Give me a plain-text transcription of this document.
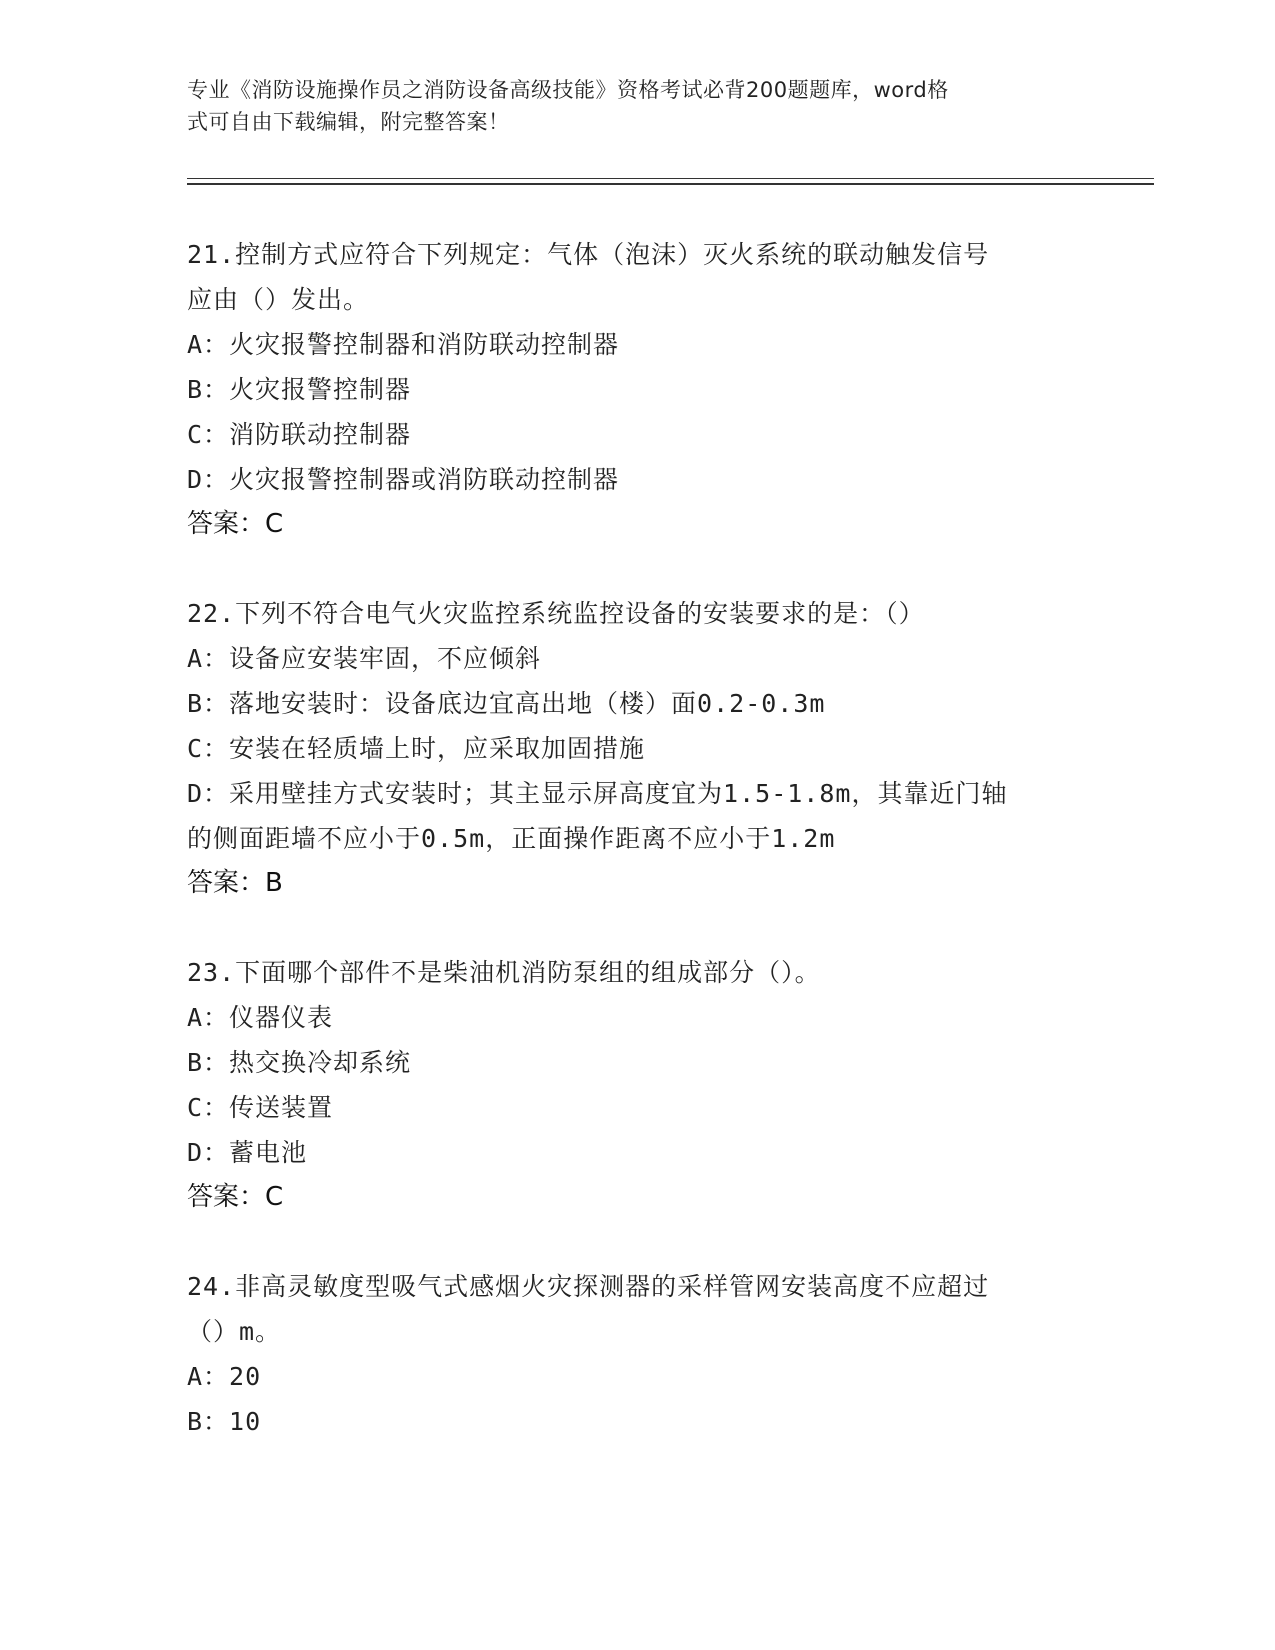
专业《消防设施操作员之消防设备高级技能》资格考试必背200题题库，word格
式可自由下载编辑，附完整答案！

21.控制方式应符合下列规定：气体（泡沫）灭火系统的联动触发信号

应由（）发出。

A：火灾报警控制器和消防联动控制器

B：火灾报警控制器

C：消防联动控制器

D：火灾报警控制器或消防联动控制器

答案：C

22.下列不符合电气火灾监控系统监控设备的安装要求的是：（）

A：设备应安装牢固，不应倾斜

B：落地安装时：设备底边宜高出地（楼）面0.2-0.3m

C：安装在轻质墙上时，应采取加固措施

D：采用壁挂方式安装时；其主显示屏高度宜为1.5-1.8m，其靠近门轴

的侧面距墙不应小于0.5m，正面操作距离不应小于1.2m

答案：B

23.下面哪个部件不是柴油机消防泵组的组成部分（）。

A：仪器仪表

B：热交换冷却系统

C：传送装置

D：蓄电池

答案：C

24.非高灵敏度型吸气式感烟火灾探测器的采样管网安装高度不应超过

（）m。

A：20

B：10
